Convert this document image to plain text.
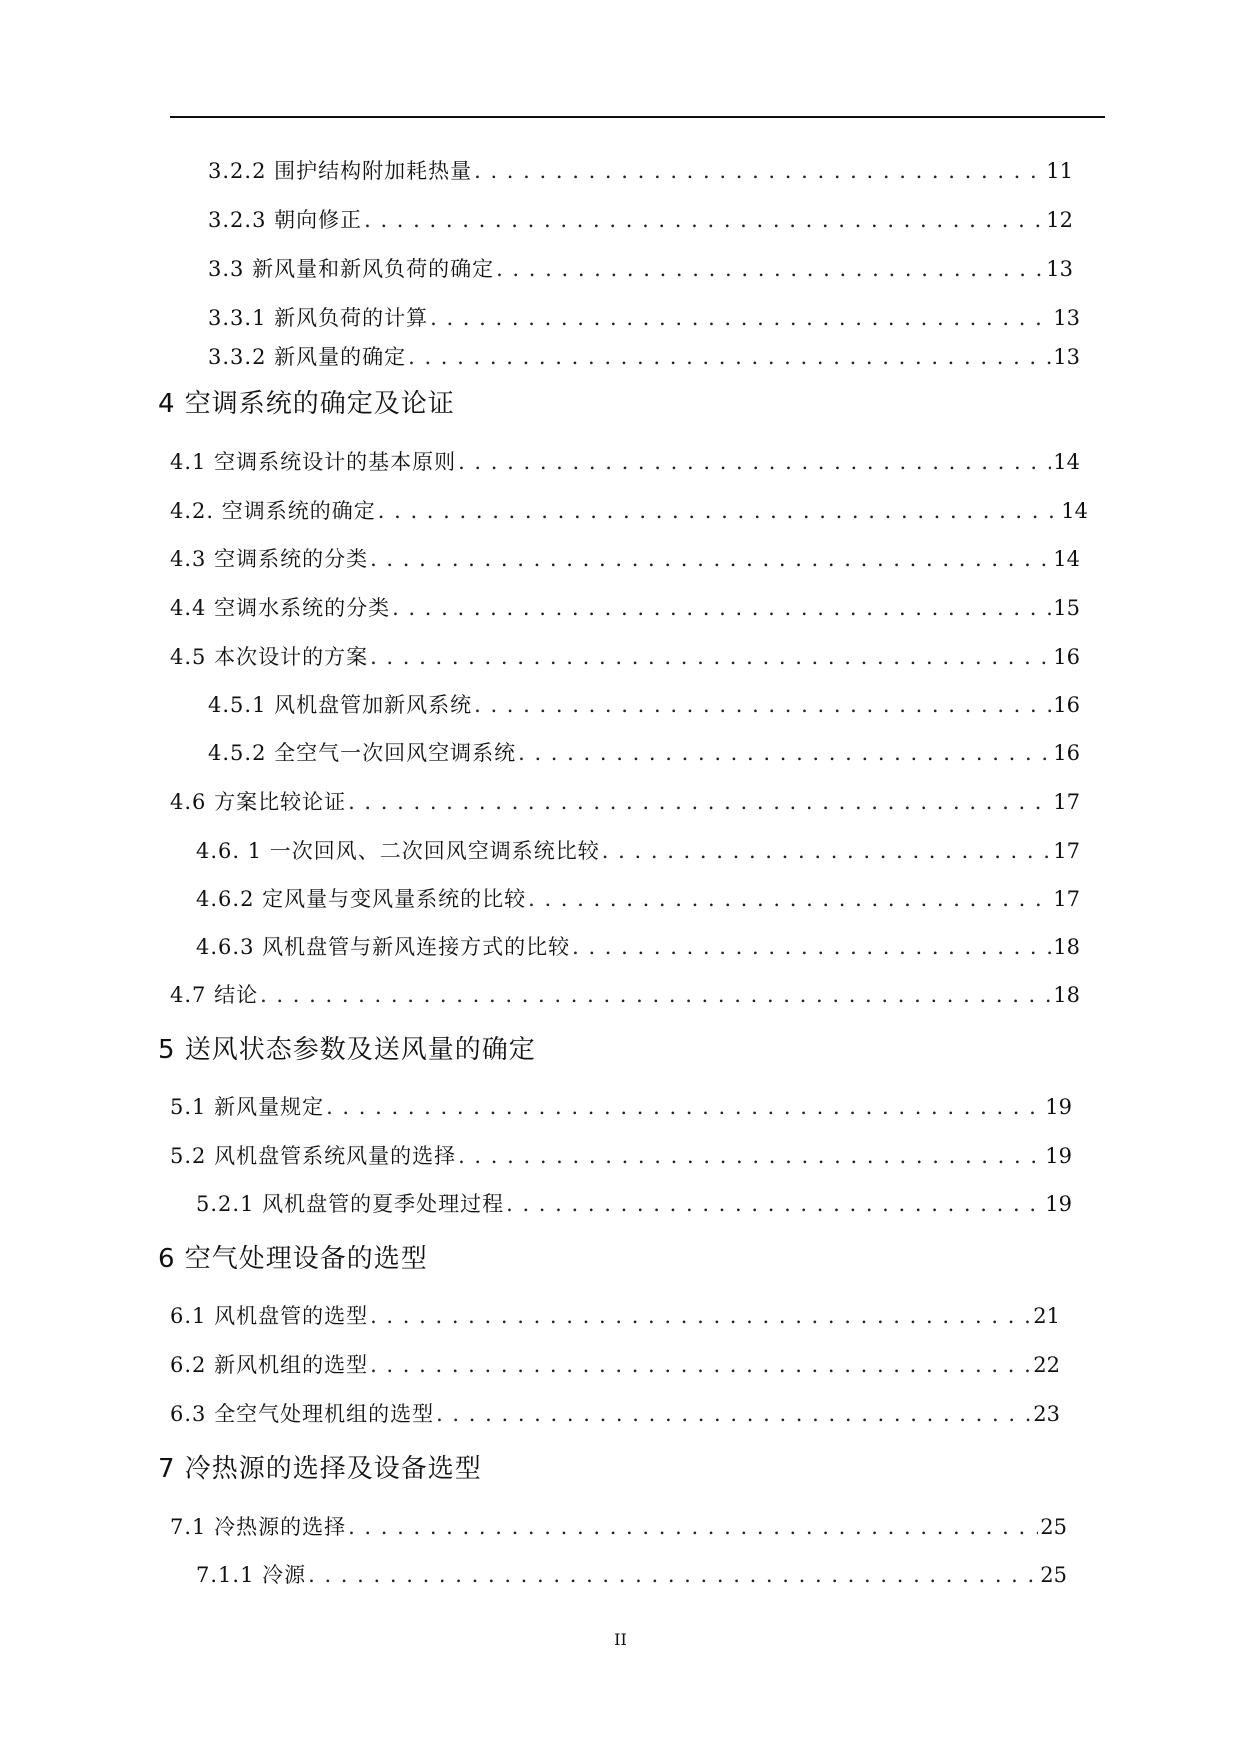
3.2.2 围护结构附加耗热量 . . .	11
3.2.3 朝向修正 . . .	12
3.3 新风量和新风负荷的确定 . . .	13
3.3.1 新风负荷的计算 . . .	13
3.3.2 新风量的确定 . . .	13
4 空调系统的确定及论证
4.1 空调系统设计的基本原则 . . .	14
4.2. 空调系统的确定 . . .	14
4.3 空调系统的分类 . . .	14
4.4 空调水系统的分类 . . .	15
4.5 本次设计的方案 . . .	16
4.5.1 风机盘管加新风系统 . . .	16
4.5.2 全空气一次回风空调系统 . . .	16
4.6 方案比较论证 . . .	17
4.6. 1 一次回风、二次回风空调系统比较 . . .	17
4.6.2 定风量与变风量系统的比较 . . .	17
4.6.3 风机盘管与新风连接方式的比较 . . .	18
4.7 结论 . . .	18
5 送风状态参数及送风量的确定
5.1 新风量规定 . . .	19
5.2 风机盘管系统风量的选择 . . .	19
5.2.1 风机盘管的夏季处理过程 . . .	19
6 空气处理设备的选型
6.1 风机盘管的选型 . . .	21
6.2 新风机组的选型 . . .	22
6.3 全空气处理机组的选型 . . .	23
7 冷热源的选择及设备选型
7.1 冷热源的选择 . . .	25
7.1.1 冷源 . . .	25
II
